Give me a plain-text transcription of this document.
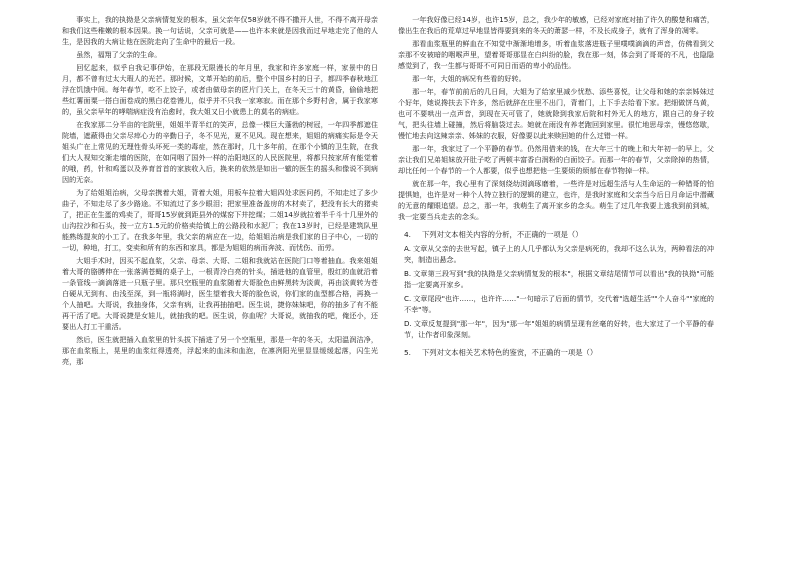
事实上，我的执拗是父亲病情复发的根本，虽父亲年仅58岁就不得不撒开人世，不得不离开母亲和我们这些稚嫩的根本因果。换一句话说，父亲可就是——也许本来就是因我而过早地走完了他的人生，是因我的大病让他在医院走向了生命中的最后一段。

虽然，福翔了父亲的生命。

回忆起来，似乎自我记事伊始，在那段无限漫长的年月里，我家和许多家庭一样，家景中的日月，都不曾有过太大瑕人的光芒。那时候，文革开始的前后，整个中国乡村的日子，都四季春秋地江浮在饥饿中间。每年春节，吃不上饺子，或者由做母亲的匠片门关上，在冬天三十的黄昏，偷偷地把些红薯面粟一搭白面卷成的黑白花卷馒儿，似乎并不只我一家寒寂。而在那个乡野村舍，属于我家寒的，虽父亲早年的哮喘病症没有治愈时，我大姐又日小就患上的莫名的病症。

在我家那二分半亩的宅院里，姐姐半青半红的笑声，总像一棵巨大蓬勃的树冠，一年四季都遮住院墙，遮蔽得由父亲尽瘁心力的辛勤日子，冬不见光，夏不见风。现在想来，姐姐的病痛实际是令天姐头广在上常见的无理性骨头坏死一类的毒症，然在那时，几十多年前，在那个小镇的卫生院，在我们大人视知交渐走墙的医院，在如同咽了国外一样的治阳地区的人民医院里，将都只按家所有能觉着的哦，药，针和鸡蛋以及养育首首的家族收入后，换来的依然是如出一辙的医生的摇头和像说不到病因的无奈。

为了给姐姐治病，父母亲携着大姐，背着大姐，用板车拉着大姐四处求医问药，不知走过了多少曲子，不知走尽了多少路途。不知流过了多少眼泪；把家里准备盖房的木材卖了，把没有长大的猪卖了，把正在生蛋的鸡卖了，哥哥15岁就到距县外的煤窑下井挖煤；二姐14岁就拉着半千斗十几里外的山沟拉沙和石头，按一立方1.5元的价格卖给镇上的公路段和水泥厂；我在13岁时，已经是建筑队里能熟练提灰的小工了。在我多年里，我父亲的病应在一边，给姐姐治病是我们家的日子中心，一切的一切，种地，打工，变卖和所有的东西和家具，都是为姐姐的病而奔波、而忧伤、而劳。

大姐手术时，因买不起血浆，父亲、母亲、大哥、二姐和我就站在医院门口等着抽血。我来姐姐着大哥的胳膊伸在一张落满苍蝇的桌子上，一根青冷白亮的针头，插进他的血管里，殷红的血就沿着一条管线一滴滴落进一只瓶子里。那只空瓶里的血浆随着大哥脸色由鲜黑转为淡黄，再由淡黄转为苍白硬从无到有、由浅至深，到一瓶将满时，医生望着我大哥的脸色说，你们家的血型都合格，再换一个人抽吧。大哥说，我抽身体，父亲有病，让我再抽抽吧。医生说，捷你妹妹吧，你的抽多了有不能再干活了吧。大哥说捷是女娃儿，就抽我的吧。医生说，你血呢？大哥说，就抽我的吧，俺还小，还要出人打工干重活。

然后，医生就把插入血浆里的针头拔下插进了另一个空瓶里，那是一年的冬天，太阳温润洁净，那在血浆瓶上，晃里的血浆红得透亮，浮起来的血沫和血泡，在凛冽阳光里显显缓缓起落，闪生光亮，那

一年我好像已经14岁，也许15岁，总之，我少年的敏感，已经对家庭对抽了许久的酸楚和痛苦，像出生在我后的荒草过早地显皆得要到来的冬天的萧瑟一样，不及长成身子，就有了浑身的凋零。

那看血浆瓶里的鲜血在不知觉中渐渐地增多，听着血浆落进瓶子里噗噗滴滴的声音，仿佛看到父亲那不安被暗的咽喉声里，望着哥哥那显在白纠纷的脸，我在那一刻，体会到了哥哥的不凡，也隐隐感觉到了，我一生都与哥哥不可同日而语的卑小的品性。

那一年，大姐的病况有些看的好转。

那一年，春节前前后的几日间，大姐为了给家里减少忧愁、添些喜悦，让父母和她的亲亲姊妹过个好年，她说搀扶去下许多，然后就辞在庄里不出门，背着门，上下手去给看下家。把细做饼乌黄，也可不要哄出一点声音，到现在天可管了，她就除到我家后院和村外无人的地方，跟自己的身子较气，把头往墙上碰撞，然后将脑袋过去。她就在雨没有养老跑回到家里。很忙地思母亲，慢悠悠歇，慢忙地去向这辣亲亲、姊妹的衣服，好像要以此来赎回她的什么过错一样。

那一年，我家过了一个平静的春节。仍然用借来的钱，在大年三十的晚上和大年初一的早上，父亲让我们兄弟姐妹放开肚子吃了两顿丰富香白润粉的白面饺子。而那一年的春节，父亲除掉的热情，却比任何一个春节的一个人都要，似乎也想把他一生要烦的烦郁在春节物掉一样。

就在那一年，我心里有了深刻绕幼浏滴琢磨着，一些许是对远超生活与人生命运的一种错哥的怕提惧她，也许是对一种个人特立独行的逻辑的建立，也许，是我时家庭和父亲当今后日月命运中潜藏的无意的耀眼追望。总之，那一年，我萌生了离开家乡的念头。萌生了过几年我要上逃我到前到城，我一定要当兵走去的念头。

4. 下列对文本相关内容的分析，不正确的一项是（）

A. 文章从父亲的去世写起，镇子上的人几乎都认为父亲是病死的，我却不这么认为，两种看法的冲突，制造出悬念。

B. 文章第三段写到"我的执拗是父亲病情复发的根本"，根据文章结尾情节可以看出"我的执拗"可能指一定要离开家乡。

C. 文章尾段"也许……，也许许……"一句暗示了后面的情节，交代着"选超生活""个人奋斗""家庭的不幸"等。

D. 文章反复提到"那一年"，因为"那一年"姐姐的病情呈现有丝毫的好转，也大家过了一个平静的春节，让作者印象深刻。

5. 下列对文本相关艺术特色的鉴赏，不正确的一项是（）
